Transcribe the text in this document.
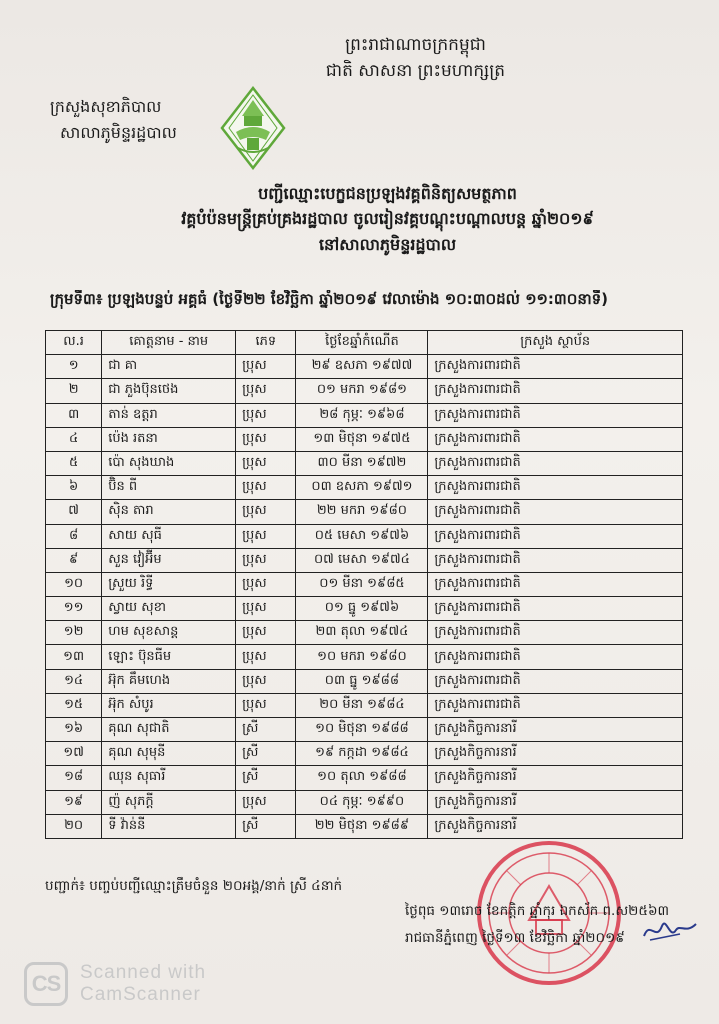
ព្រះរាជាណាចក្រកម្ពុជា
ជាតិ សាសនា ព្រះមហាក្សត្រ
ក្រសួងសុខាភិបាល
សាលាភូមិន្ទរដ្ឋបាល
បញ្ជីឈ្មោះបេក្ខជនប្រឡងវគ្គពិនិត្យសមត្ថភាព
វគ្គបំប៉នមន្ត្រីគ្រប់គ្រងរដ្ឋបាល ចូលរៀនវគ្គបណ្តុះបណ្តាលបន្ត ឆ្នាំ២០១៩
នៅសាលាភូមិន្ទរដ្ឋបាល
ក្រុមទី៣៖ ប្រឡងបន្ទប់ អគ្គធំ (ថ្ងៃទី២២ ខែវិច្ឆិកា ឆ្នាំ២០១៩ វេលាម៉ោង ១០:៣០ដល់ ១១:៣០នាទី)
ល.រ	គោត្តនាម - នាម	ភេទ	ថ្ងៃខែឆ្នាំកំណើត	ក្រសួង ស្ថាប័ន
១	ជា គា	ប្រុស	២៩ ឧសភា ១៩៧៧	ក្រសួងការពារជាតិ
២	ជា ភួងប៊ុនថេង	ប្រុស	០១ មករា ១៩៨១	ក្រសួងការពារជាតិ
៣	តាន់ ឧត្តរា	ប្រុស	២៨ កុម្ភៈ ១៩៦៨	ក្រសួងការពារជាតិ
៤	ប៉េង រតនា	ប្រុស	១៣ មិថុនា ១៩៧៥	ក្រសួងការពារជាតិ
៥	ប៉ោ សុងឃាង	ប្រុស	៣០ មីនា ១៩៧២	ក្រសួងការពារជាតិ
៦	ប៊ិន ពី	ប្រុស	០៣ ឧសភា ១៩៧១	ក្រសួងការពារជាតិ
៧	ស៊ិន តារា	ប្រុស	២២ មករា ១៩៨០	ក្រសួងការពារជាតិ
៨	សាយ សុធី	ប្រុស	០៥ មេសា ១៩៧៦	ក្រសួងការពារជាតិ
៩	សួន វៀអ៊ីម	ប្រុស	០៧ មេសា ១៩៧៤	ក្រសួងការពារជាតិ
១០	ស្រួយ រិទ្ធី	ប្រុស	០១ មីនា ១៩៨៥	ក្រសួងការពារជាតិ
១១	ស្វាយ សុខា	ប្រុស	០១ ធ្នូ ១៩៧៦	ក្រសួងការពារជាតិ
១២	ហម សុខសាន្ត	ប្រុស	២៣ តុលា ១៩៧៤	ក្រសួងការពារជាតិ
១៣	ឡោះ ប៊ុនធីម	ប្រុស	១០ មករា ១៩៨០	ក្រសួងការពារជាតិ
១៤	អ៊ុក គឹមហេង	ប្រុស	០៣ ធ្នូ ១៩៨៨	ក្រសួងការពារជាតិ
១៥	អ៊ុក សំបូរ	ប្រុស	២០ មីនា ១៩៨៤	ក្រសួងការពារជាតិ
១៦	គុណ សុជាតិ	ស្រី	១០ មិថុនា ១៩៨៨	ក្រសួងកិច្ចការនារី
១៧	គុណ សុមុនី	ស្រី	១៩ កក្កដា ១៩៨៤	ក្រសួងកិច្ចការនារី
១៨	ឈុន សុធារី	ស្រី	១០ តុលា ១៩៨៨	ក្រសួងកិច្ចការនារី
១៩	ញ៉ សុភក្តី	ប្រុស	០៤ កុម្ភៈ ១៩៩០	ក្រសួងកិច្ចការនារី
២០	ទី វ៉ាន់នី	ស្រី	២២ មិថុនា ១៩៨៩	ក្រសួងកិច្ចការនារី
បញ្ជាក់៖ បញ្ចប់បញ្ជីឈ្មោះត្រឹមចំនួន ២០អង្គ/នាក់ ស្រី ៤នាក់
ថ្ងៃពុធ ១៣រោច ខែកត្តិក ឆ្នាំកុរ ឯកស័ក ព.ស២៥៦៣
រាជធានីភ្នំពេញ ថ្ងៃទី១៣ ខែវិច្ឆិកា ឆ្នាំ២០១៩
CS	Scanned with
CamScanner
